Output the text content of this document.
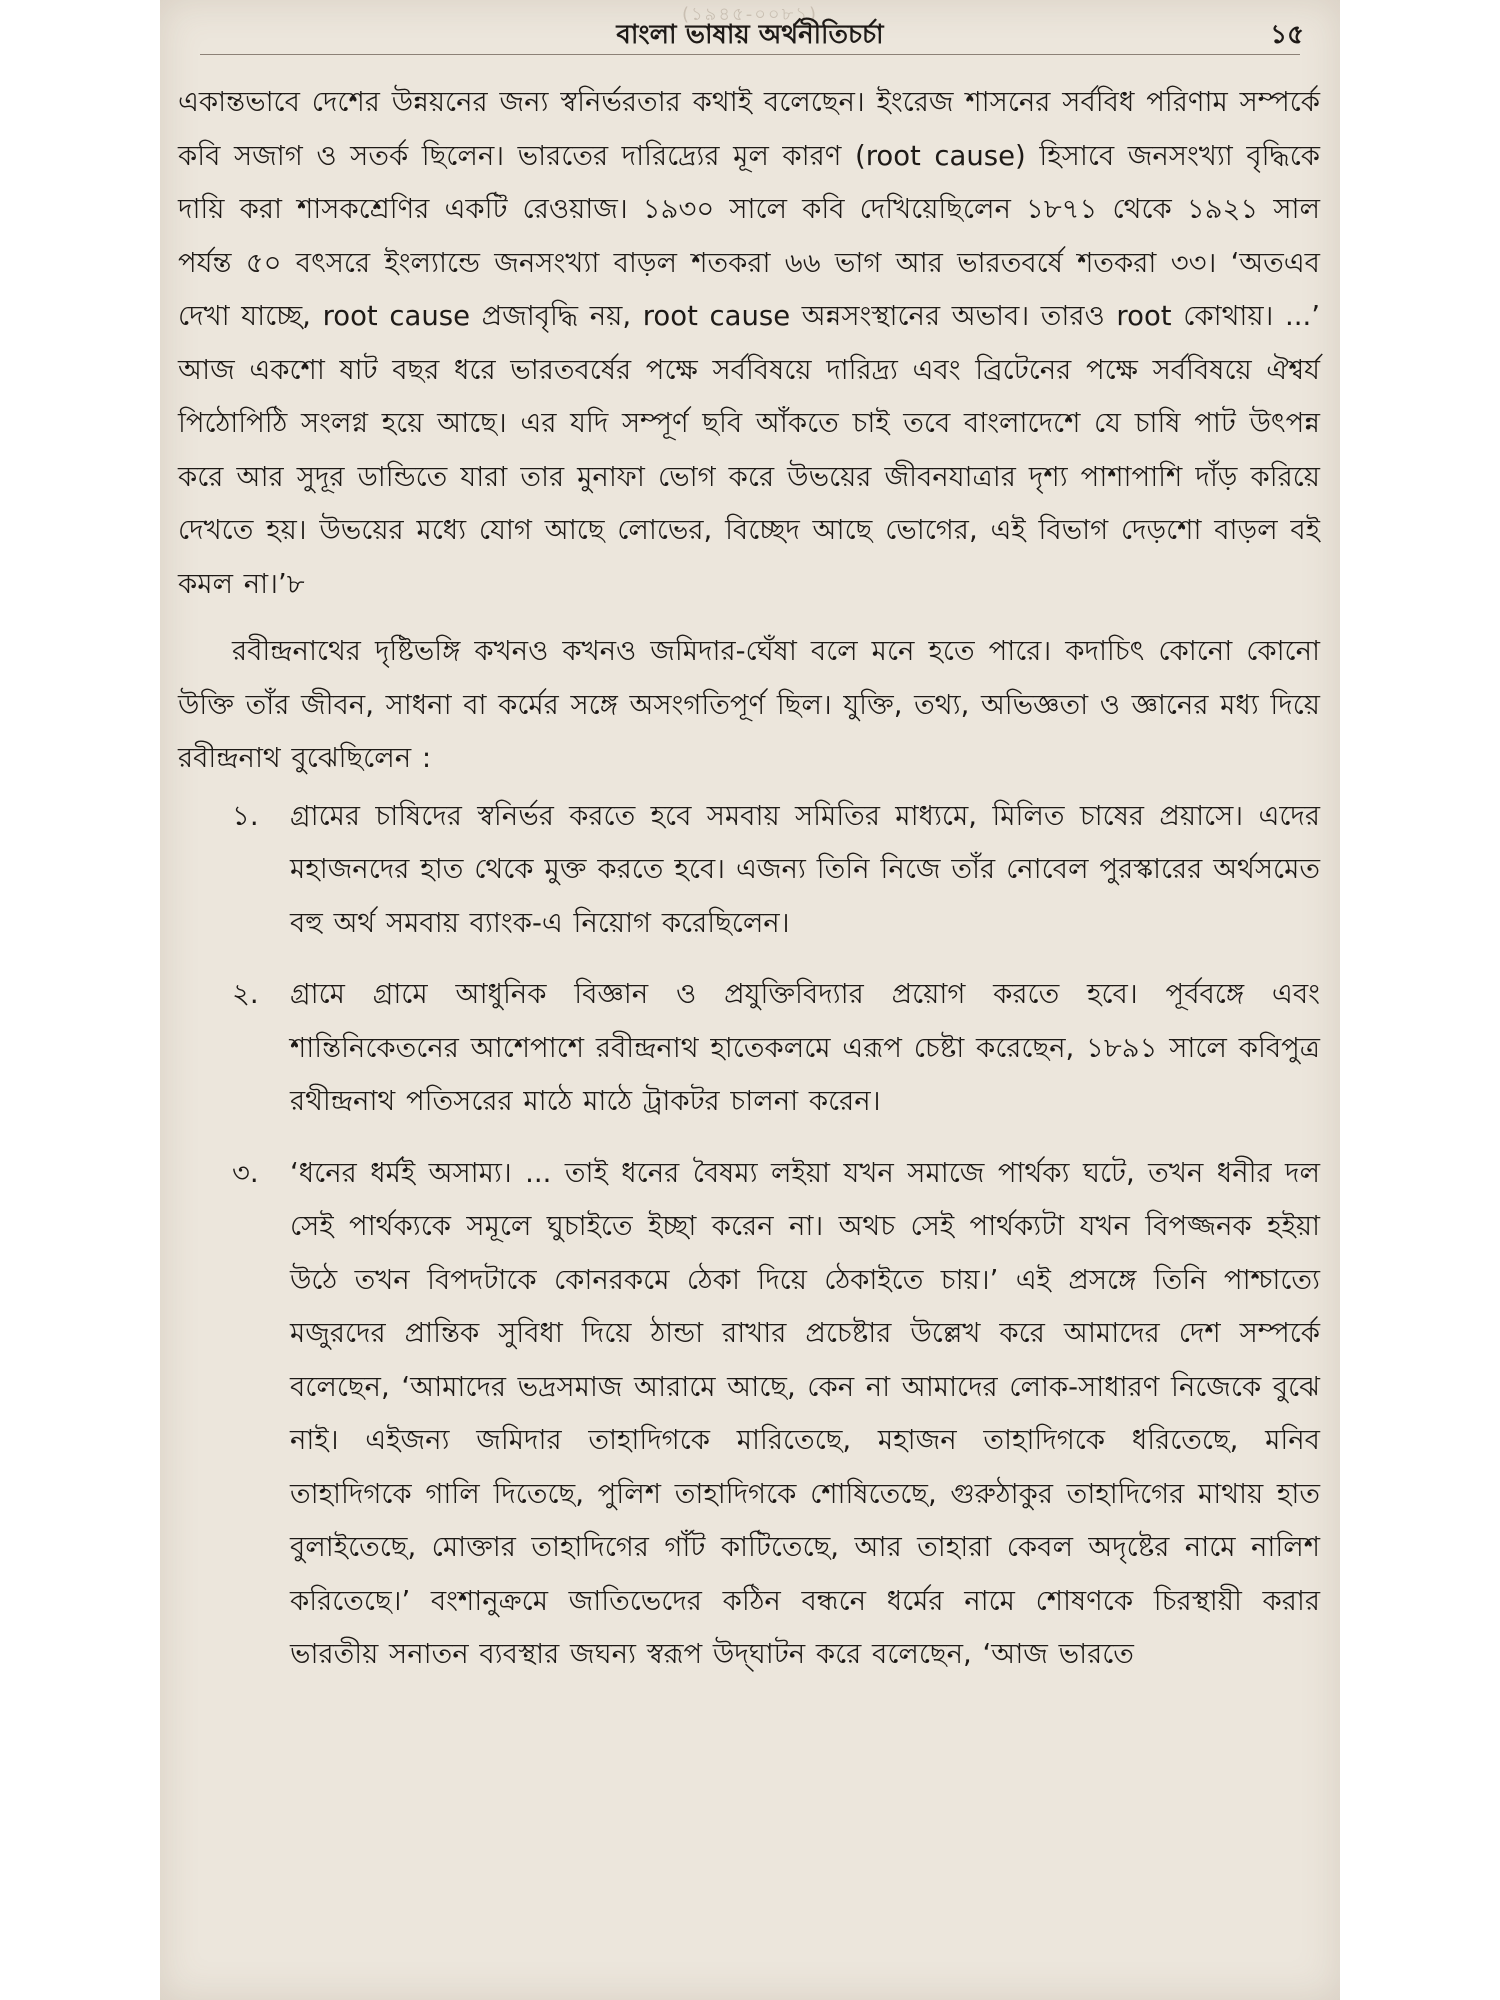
(১৯৪৫-০০৮১)
বাংলা ভাষায় অর্থনীতিচর্চা	১৫

একান্তভাবে দেশের উন্নয়নের জন্য স্বনির্ভরতার কথাই বলেছেন। ইংরেজ শাসনের সর্ববিধ পরিণাম সম্পর্কে কবি সজাগ ও সতর্ক ছিলেন। ভারতের দারিদ্র্যের মূল কারণ (root cause) হিসাবে জনসংখ্যা বৃদ্ধিকে দায়ি করা শাসকশ্রেণির একটি রেওয়াজ। ১৯৩০ সালে কবি দেখিয়েছিলেন ১৮৭১ থেকে ১৯২১ সাল পর্যন্ত ৫০ বৎসরে ইংল্যান্ডে জনসংখ্যা বাড়ল শতকরা ৬৬ ভাগ আর ভারতবর্ষে শতকরা ৩৩। ‘অতএব দেখা যাচ্ছে, root cause প্রজাবৃদ্ধি নয়, root cause অন্নসংস্থানের অভাব। তারও root কোথায়। ...’ আজ একশো ষাট বছর ধরে ভারতবর্ষের পক্ষে সর্ববিষয়ে দারিদ্র্য এবং ব্রিটেনের পক্ষে সর্ববিষয়ে ঐশ্বর্য পিঠোপিঠি সংলগ্ন হয়ে আছে। এর যদি সম্পূর্ণ ছবি আঁকতে চাই তবে বাংলাদেশে যে চাষি পাট উৎপন্ন করে আর সুদূর ডান্ডিতে যারা তার মুনাফা ভোগ করে উভয়ের জীবনযাত্রার দৃশ্য পাশাপাশি দাঁড় করিয়ে দেখতে হয়। উভয়ের মধ্যে যোগ আছে লোভের, বিচ্ছেদ আছে ভোগের, এই বিভাগ দেড়শো বাড়ল বই কমল না।’৮

রবীন্দ্রনাথের দৃষ্টিভঙ্গি কখনও কখনও জমিদার-ঘেঁষা বলে মনে হতে পারে। কদাচিৎ কোনো কোনো উক্তি তাঁর জীবন, সাধনা বা কর্মের সঙ্গে অসংগতিপূর্ণ ছিল। যুক্তি, তথ্য, অভিজ্ঞতা ও জ্ঞানের মধ্য দিয়ে রবীন্দ্রনাথ বুঝেছিলেন :

১. গ্রামের চাষিদের স্বনির্ভর করতে হবে সমবায় সমিতির মাধ্যমে, মিলিত চাষের প্রয়াসে। এদের মহাজনদের হাত থেকে মুক্ত করতে হবে। এজন্য তিনি নিজে তাঁর নোবেল পুরস্কারের অর্থসমেত বহু অর্থ সমবায় ব্যাংক-এ নিয়োগ করেছিলেন।
২. গ্রামে গ্রামে আধুনিক বিজ্ঞান ও প্রযুক্তিবিদ্যার প্রয়োগ করতে হবে। পূর্ববঙ্গে এবং শান্তিনিকেতনের আশেপাশে রবীন্দ্রনাথ হাতেকলমে এরূপ চেষ্টা করেছেন, ১৮৯১ সালে কবিপুত্র রথীন্দ্রনাথ পতিসরের মাঠে মাঠে ট্রাকটর চালনা করেন।
৩. ‘ধনের ধর্মই অসাম্য। ... তাই ধনের বৈষম্য লইয়া যখন সমাজে পার্থক্য ঘটে, তখন ধনীর দল সেই পার্থক্যকে সমূলে ঘুচাইতে ইচ্ছা করেন না। অথচ সেই পার্থক্যটা যখন বিপজ্জনক হইয়া উঠে তখন বিপদটাকে কোনরকমে ঠেকা দিয়ে ঠেকাইতে চায়।’ এই প্রসঙ্গে তিনি পাশ্চাত্যে মজুরদের প্রান্তিক সুবিধা দিয়ে ঠান্ডা রাখার প্রচেষ্টার উল্লেখ করে আমাদের দেশ সম্পর্কে বলেছেন, ‘আমাদের ভদ্রসমাজ আরামে আছে, কেন না আমাদের লোক-সাধারণ নিজেকে বুঝে নাই। এইজন্য জমিদার তাহাদিগকে মারিতেছে, মহাজন তাহাদিগকে ধরিতেছে, মনিব তাহাদিগকে গালি দিতেছে, পুলিশ তাহাদিগকে শোষিতেছে, গুরুঠাকুর তাহাদিগের মাথায় হাত বুলাইতেছে, মোক্তার তাহাদিগের গাঁট কাটিতেছে, আর তাহারা কেবল অদৃষ্টের নামে নালিশ করিতেছে।’ বংশানুক্রমে জাতিভেদের কঠিন বন্ধনে ধর্মের নামে শোষণকে চিরস্থায়ী করার ভারতীয় সনাতন ব্যবস্থার জঘন্য স্বরূপ উদ্‌ঘাটন করে বলেছেন, ‘আজ ভারতে
